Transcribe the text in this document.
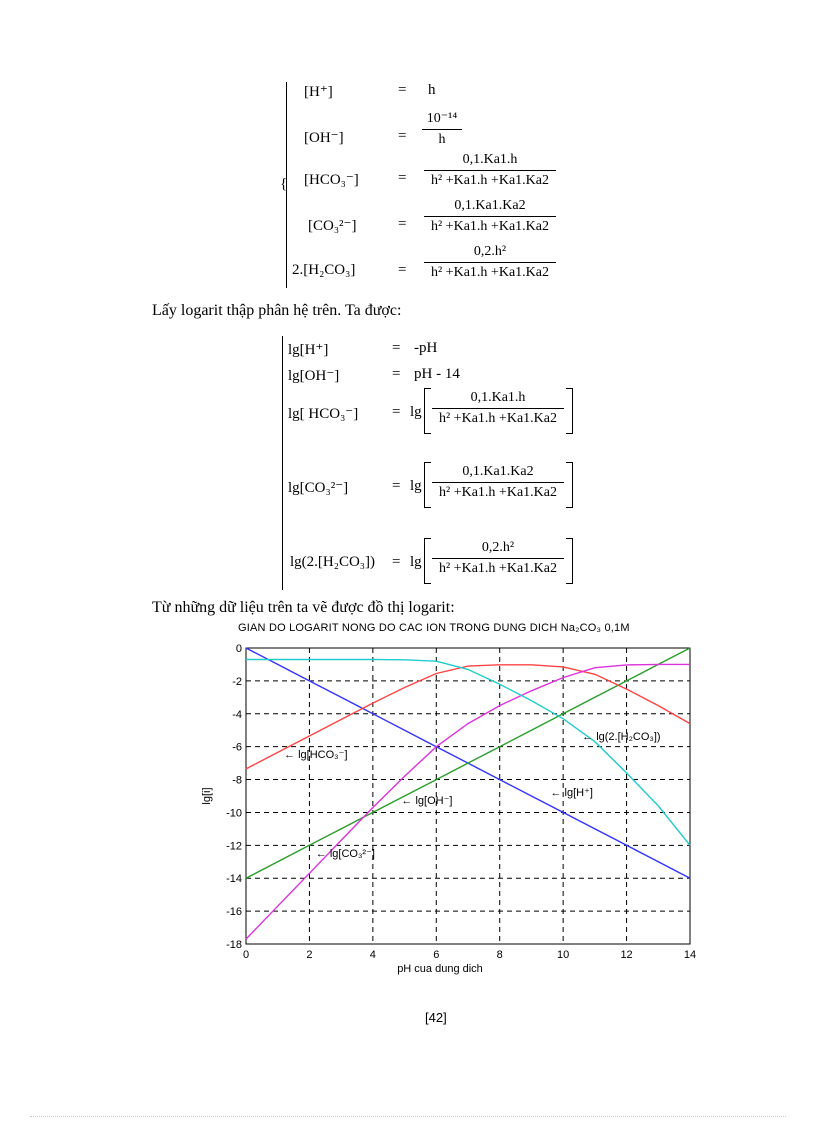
{
[H⁺]	= h
[OH⁻]	= $\frac{\text{10⁻¹⁴}}{h}$
[HCO₃⁻]	= $\frac{0,1.Ka1.h}{\text{h² +Ka1.h +Ka1.Ka2}}$
[CO₃²⁻]	= $\frac{0,1.Ka1.Ka2}{\text{h² +Ka1.h +Ka1.Ka2}}$
2.[H₂CO₃]	= $\frac{\text{0,2.h²}}{\text{h² +Ka1.h +Ka1.Ka2}}$
Lấy logarit thập phân hệ trên. Ta được:
lg[H⁺]	= -pH
lg[OH⁻]	= pH - 14
lg[ $HCO_3^-] = \lg \frac{0,1.Ka1.h}{\text{h² +Ka1.h +Ka1.Ka2}}$
lg[CO₃²⁻]	= $\lg \frac{0,1.Ka1.Ka2}{\text{h² +Ka1.h +Ka1.Ka2}}$
$\lg(2.[H_2CO_3]) = \lg \frac{\text{0,2.h²}}{\text{h² +Ka1.h +Ka1.Ka2}}$
Từ những dữ liệu trên ta vẽ được đồ thị logarit:
GIAN DO LOGARIT NONG DO CAC ION TRONG DUNG DICH Na₂CO₃ 0,1M
0	2	4	6	8	10	12	14
0
-2
-4
-6
-8
-10
-12
-14
-16
-18
pH cua dung dich
lg[i]	← lg[H⁺]
← lg[OH⁻]
← lg[HCO₃⁻]
← lg[CO₃²⁻]
← lg(2.[H₂CO₃])
[42]
